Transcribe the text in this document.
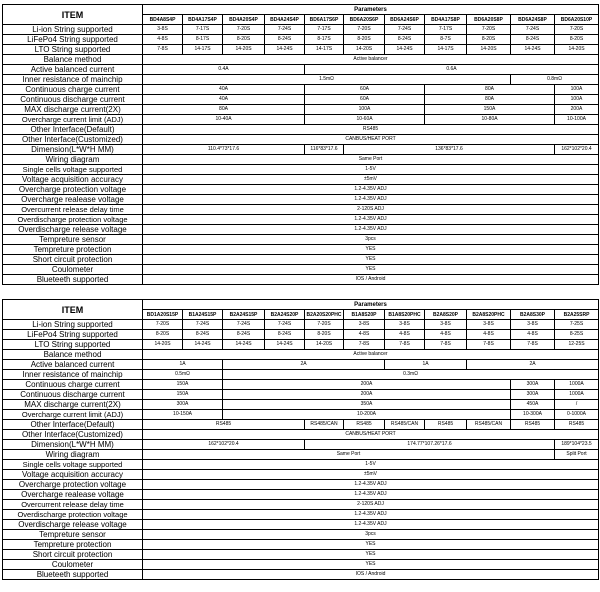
ITEM	Parameters										
	BD4A8S4P	BD4A17S4P	BD4A20S4P	BD4A24S4P	BD6A17S6P	BD6A20S6P	BD6A24S6P	BD4A17S8P	BD6A20S8P	BD6A24S8P	BD6A20S10P
Li-ion String supported	3-8S	7-17S	7-20S	7-24S	7-17S	7-20S	7-24S	7-17S	7-20S	7-24S	7-20S
LiFePo4 String supported	4-8S	8-17S	8-20S	8-24S	8-17S	8-20S	8-24S	8-7S	8-20S	8-24S	8-20S
LTO String supported	7-8S	14-17S	14-20S	14-24S	14-17S	14-20S	14-24S	14-17S	14-20S	14-24S	14-20S
Balance method	Active balancer										
Active balanced current	0.4A				0.6A						
Inner resistance of mainchip	1.5mΩ									0.8mΩ	
Continuous charge current	40A				60A			80A			100A
Continuous discharge current	40A				60A			80A			100A
MAX discharge current(2X)	80A				100A			150A			200A
Overcharge current limit (ADJ)	10-40A				10-60A			10-80A			10-100A
Other Interface(Default)	RS485										
Other Interface(Customized)	CANBUS/HEAT PORT										
Dimension(L*W*H MM)	110.4*73*17.6				116*83*17.6	136*83*17.6					162*102*20.4
Wiring diagram	Same Port										
Single cells voltage supported	1-5V										
Voltage acquisition accuracy	±5mV										
Overcharge protection voltage	1.2-4.35V ADJ										
Overcharge realease voltage	1.2-4.35V ADJ										
Overcurrent release delay time	2-120S ADJ										
Overdischarge protection voltage	1.2-4.35V ADJ										
Overdischarge release voltage	1.2-4.35V ADJ										
Tempreture sensor	3pcs										
Tempreture protection	YES										
Short circuit protection	YES										
Coulometer	YES										
Blueteeth supported	IOS / Android										
ITEM	Parameters										
	BD1A20S15P	B1A24S15P	B2A24S15P	B2A24S20P	B2A20S20PHC	B1A8S20P	B1A8S20PHC	B2A8S20P	B2A8S20PHC	B2A8S30P	B2A25SRP
Li-ion String supported	7-20S	7-24S	7-24S	7-24S	7-20S	3-8S	3-8S	3-8S	3-8S	3-8S	7-25S
LiFePo4 String supported	8-20S	8-24S	8-24S	8-24S	8-20S	4-8S	4-8S	4-8S	4-8S	4-8S	8-25S
LTO String supported	14-20S	14-24S	14-24S	14-24S	14-20S	7-8S	7-8S	7-8S	7-8S	7-8S	12-25S
Balance method	Active balancer										
Active balanced current	1A		2A				1A		2A		
Inner resistance of mainchip	0.5mΩ		0.3mΩ								
Continuous charge current	150A		200A							300A	1000A
Continuous discharge current	150A		200A							300A	1000A
MAX discharge current(2X)	300A		350A							450A	/
Overcharge current limit (ADJ)	10-150A		10-200A							10-300A	0-1000A
Other Interface(Default)	RS485				RS485/CAN	RS485	RS485/CAN	RS485	RS485/CAN	RS485	RS485
Other Interface(Customized)	CANBUS/HEAT PORT										
Dimension(L*W*H MM)	162*102*20.4				174.77*107.26*17.6						189*104*23.5
Wiring diagram	Same Port										Split Port
Single cells voltage supported	1-5V										
Voltage acquisition accuracy	±5mV										
Overcharge protection voltage	1.2-4.35V ADJ										
Overcharge realease voltage	1.2-4.35V ADJ										
Overcurrent release delay time	2-120S ADJ										
Overdischarge protection voltage	1.2-4.35V ADJ										
Overdischarge release voltage	1.2-4.35V ADJ										
Tempreture sensor	3pcs										
Tempreture protection	YES										
Short circuit protection	YES										
Coulometer	YES										
Blueteeth supported	IOS / Android										
